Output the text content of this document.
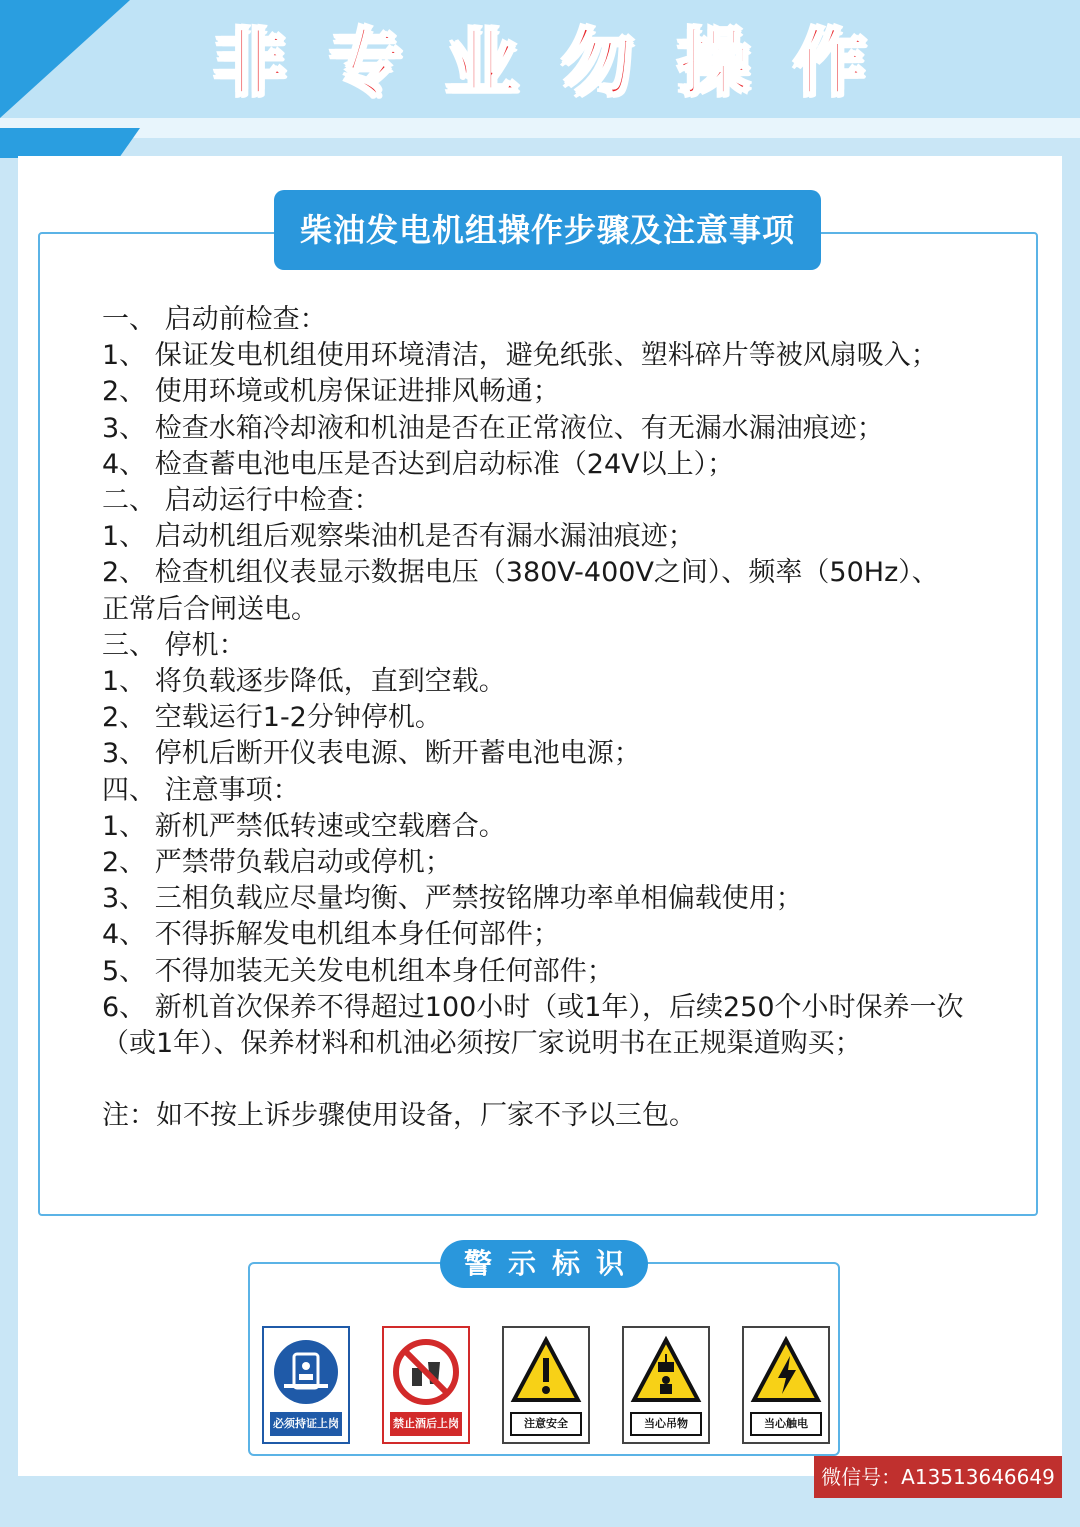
非专业勿操作
柴油发电机组操作步骤及注意事项
一、 启动前检查：
1、 保证发电机组使用环境清洁，避免纸张、塑料碎片等被风扇吸入；
2、 使用环境或机房保证进排风畅通；
3、 检查水箱冷却液和机油是否在正常液位、有无漏水漏油痕迹；
4、 检查蓄电池电压是否达到启动标准（24V以上）；
二、 启动运行中检查：
1、 启动机组后观察柴油机是否有漏水漏油痕迹；
2、 检查机组仪表显示数据电压（380V-400V之间）、频率（50Hz）、
正常后合闸送电。
三、 停机：
1、 将负载逐步降低，直到空载。
2、 空载运行1-2分钟停机。
3、 停机后断开仪表电源、断开蓄电池电源；
四、 注意事项：
1、 新机严禁低转速或空载磨合。
2、 严禁带负载启动或停机；
3、 三相负载应尽量均衡、严禁按铭牌功率单相偏载使用；
4、 不得拆解发电机组本身任何部件；
5、 不得加装无关发电机组本身任何部件；
6、 新机首次保养不得超过100小时（或1年），后续250个小时保养一次
（或1年）、保养材料和机油必须按厂家说明书在正规渠道购买；
注：如不按上诉步骤使用设备，厂家不予以三包。
警示标识
必须持证上岗	禁止酒后上岗	注意安全	当心吊物	当心触电
微信号：A13513646649
